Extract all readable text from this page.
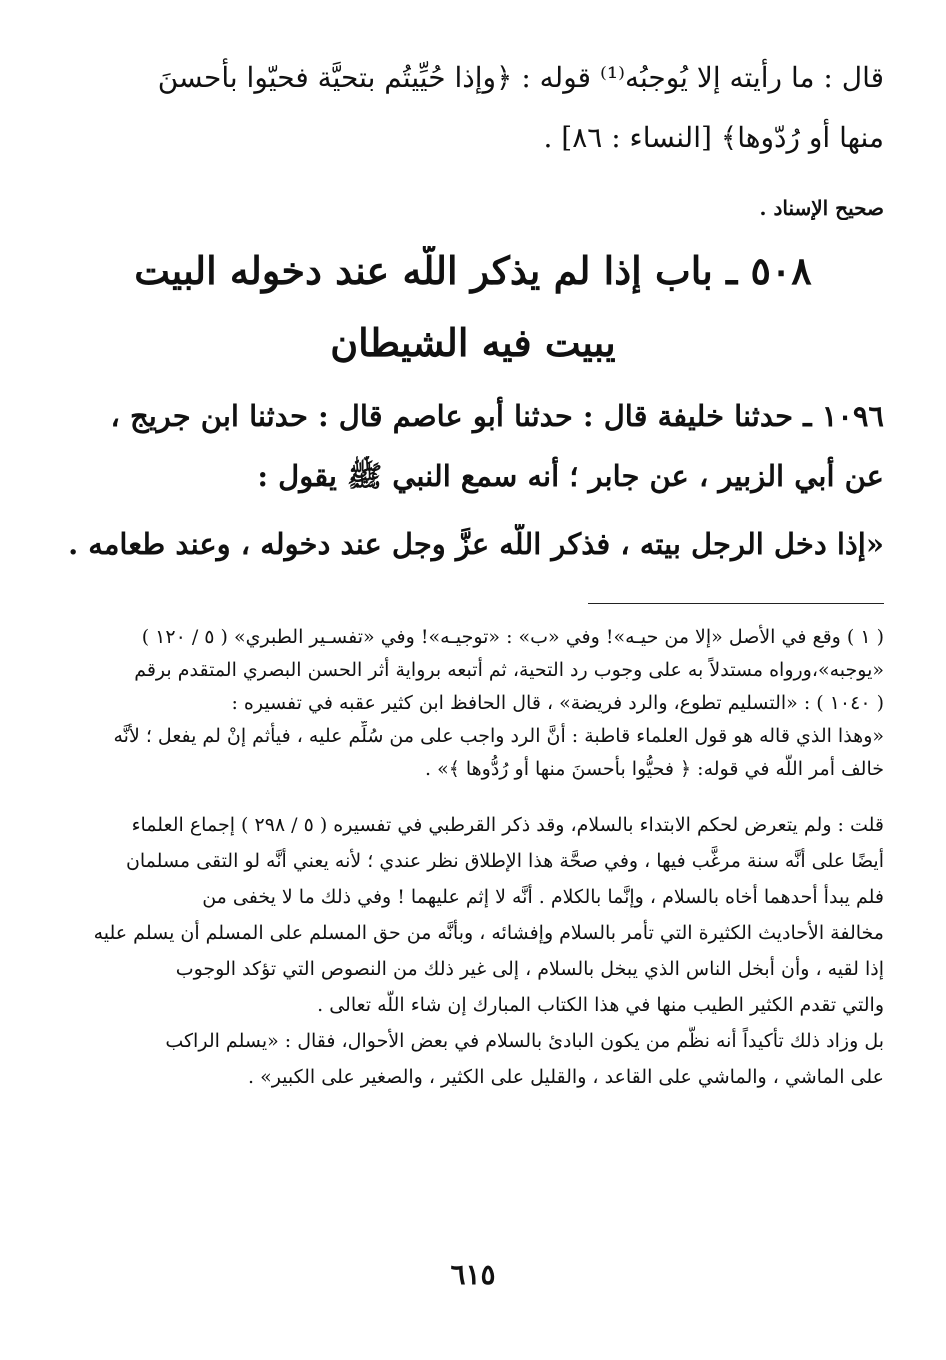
قال : ما رأيته إلا يُوجبُه⁽¹⁾ قوله : ﴿وإذا حُيِّيتُم بتحيَّة فحيّوا بأحسنَ
منها أو رُدّوها﴾ [النساء : ٨٦] .
صحيح الإسناد .
٥٠٨ ـ باب إذا لم يذكر اللَّه عند دخوله البيت
يبيت فيه الشيطان
١٠٩٦ ـ حدثنا خليفة قال : حدثنا أبو عاصم قال : حدثنا ابن جريج ،
عن أبي الزبير ، عن جابر ؛ أنه سمع النبي ﷺ يقول :
«إذا دخل الرجل بيته ، فذكر اللَّه عزَّ وجل عند دخوله ، وعند طعامه .
( ١ ) وقع في الأصل «إلا من حيـه»! وفي «ب» : «توجيـه»! وفي «تفسـير الطبري» ( ٥ / ١٢٠ )
«يوجبه»،ورواه مستدلاً به على وجوب رد التحية، ثم أتبعه برواية أثر الحسن البصري المتقدم برقم
( ١٠٤٠ ) : «التسليم تطوع، والرد فريضة» ، قال الحافظ ابن كثير عقبه في تفسيره :
«وهذا الذي قاله هو قول العلماء قاطبة : أنَّ الرد واجب على من سُلِّم عليه ، فيأثم إنْ لم يفعل ؛ لأنَّه
خالف أمر اللَّه في قوله: ﴿ فحيُّوا بأحسنَ منها أو رُدُّوها ﴾» .
قلت : ولم يتعرض لحكم الابتداء بالسلام، وقد ذكر القرطبي في تفسيره ( ٥ / ٢٩٨ ) إجماع العلماء
أيضًا على أنَّه سنة مرغَّب فيها ، وفي صحَّة هذا الإطلاق نظر عندي ؛ لأنه يعني أنَّه لو التقى مسلمان
فلم يبدأ أحدهما أخاه بالسلام ، وإنَّما بالكلام . أنَّه لا إثم عليهما ! وفي ذلك ما لا يخفى من
مخالفة الأحاديث الكثيرة التي تأمر بالسلام وإفشائه ، وبأنَّه من حق المسلم على المسلم أن يسلم عليه
إذا لقيه ، وأن أبخل الناس الذي يبخل بالسلام ، إلى غير ذلك من النصوص التي تؤكد الوجوب
والتي تقدم الكثير الطيب منها في هذا الكتاب المبارك إن شاء اللَّه تعالى .
بل وزاد ذلك تأكيداً أنه نظَّم من يكون البادئ بالسلام في بعض الأحوال، فقال : «يسلم الراكب
على الماشي ، والماشي على القاعد ، والقليل على الكثير ، والصغير على الكبير» .
٦١٥
